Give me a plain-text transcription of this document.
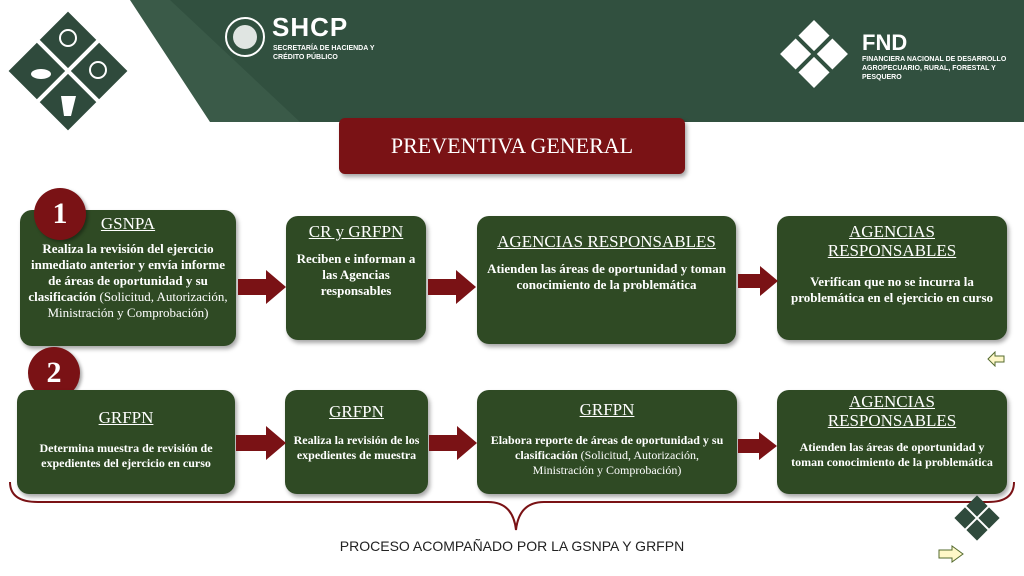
SHCP
SECRETARÍA DE HACIENDA Y CRÉDITO PÚBLICO
FND
FINANCIERA NACIONAL DE DESARROLLO AGROPECUARIO, RURAL, FORESTAL Y PESQUERO
PREVENTIVA GENERAL
GSNPA
Realiza la revisión del ejercicio inmediato anterior y envía informe de áreas de oportunidad y su clasificación (Solicitud, Autorización, Ministración y Comprobación)
1
CR y GRFPN
Reciben e informan a las Agencias responsables
AGENCIAS RESPONSABLES
Atienden las áreas de oportunidad y toman conocimiento de la problemática
AGENCIAS RESPONSABLES
Verifican que no se incurra la problemática en el ejercicio en curso
2
GRFPN
Determina muestra de revisión de expedientes del ejercicio en curso
GRFPN
Realiza la revisión de los expedientes de muestra
GRFPN
Elabora reporte de áreas de oportunidad y su clasificación (Solicitud, Autorización, Ministración y Comprobación)
AGENCIAS RESPONSABLES
Atienden las áreas de oportunidad y toman conocimiento de la problemática
PROCESO ACOMPAÑADO POR LA GSNPA Y GRFPN
